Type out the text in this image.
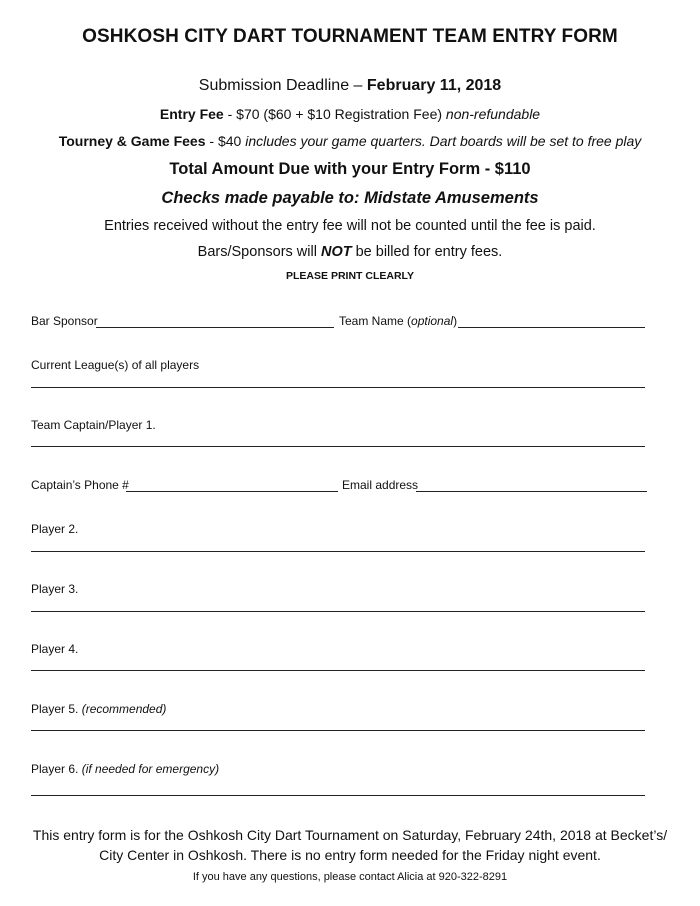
OSHKOSH CITY DART TOURNAMENT TEAM ENTRY FORM
Submission Deadline – February 11, 2018
Entry Fee - $70 ($60 + $10 Registration Fee) non-refundable
Tourney & Game Fees - $40 includes your game quarters. Dart boards will be set to free play
Total Amount Due with your Entry Form - $110
Checks made payable to: Midstate Amusements
Entries received without the entry fee will not be counted until the fee is paid.
Bars/Sponsors will NOT be billed for entry fees.
PLEASE PRINT CLEARLY
Bar Sponsor	Team Name (optional)
Current League(s) of all players
Team Captain/Player 1.
Captain’s Phone #	Email address
Player 2.
Player 3.
Player 4.
Player 5. (recommended)
Player 6. (if needed for emergency)
This entry form is for the Oshkosh City Dart Tournament on Saturday, February 24th, 2018 at Becket’s/
City Center in Oshkosh. There is no entry form needed for the Friday night event.
If you have any questions, please contact Alicia at 920-322-8291
